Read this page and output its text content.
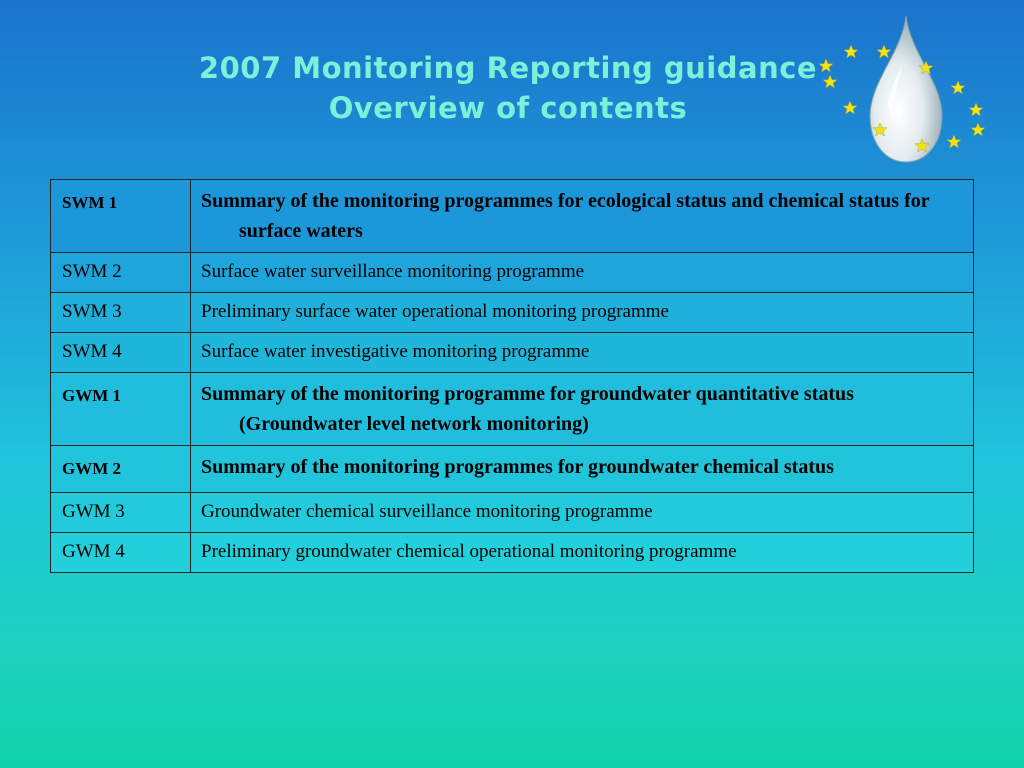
2007 Monitoring Reporting guidance
Overview of contents
SWM 1	Summary of the monitoring programmes for ecological status and chemical status for surface waters
SWM 2	Surface water surveillance monitoring programme
SWM 3	Preliminary surface water operational monitoring programme
SWM 4	Surface water investigative monitoring programme
GWM 1	Summary of the monitoring programme for groundwater quantitative status (Groundwater level network monitoring)
GWM 2	Summary of the monitoring programmes for groundwater chemical status
GWM 3	Groundwater chemical surveillance monitoring programme
GWM 4	Preliminary groundwater chemical operational monitoring programme
